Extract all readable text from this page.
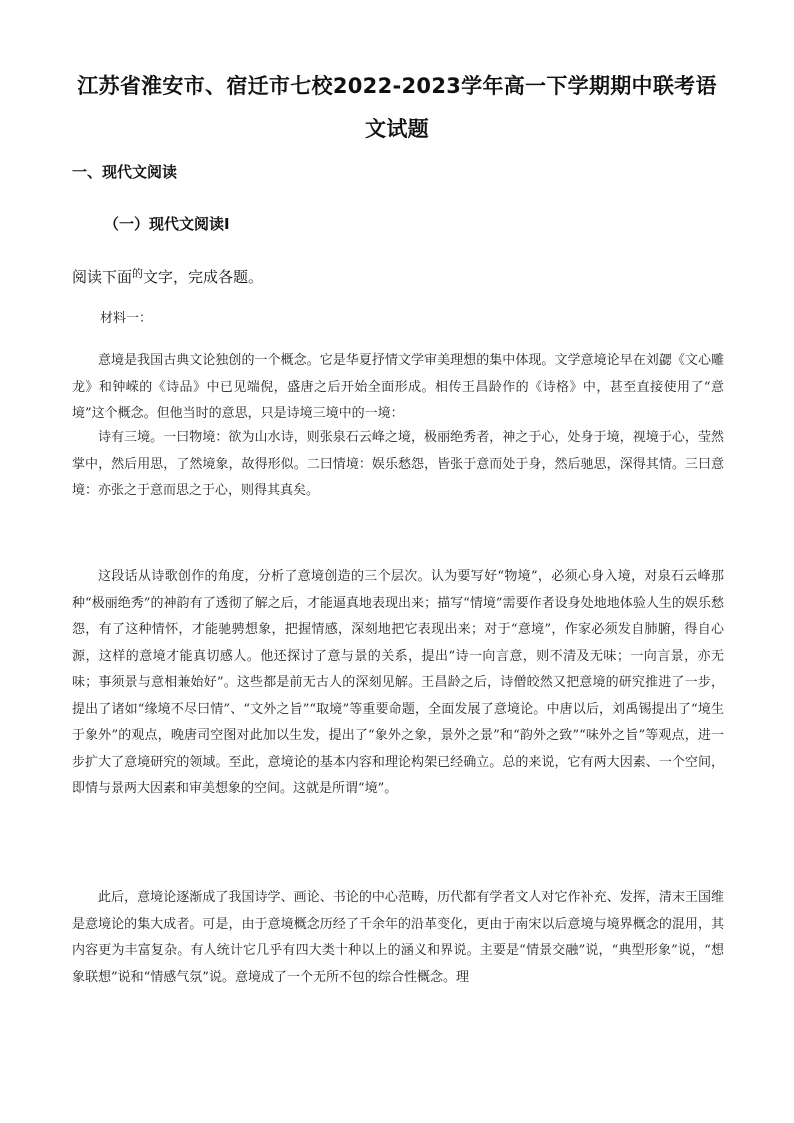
江苏省淮安市、宿迁市七校2022-2023学年高一下学期期中联考语
文试题
一、现代文阅读
（一）现代文阅读Ⅰ
阅读下面$^的$文字，完成各题。
材料一：

意境是我国古典文论独创的一个概念。它是华夏抒情文学审美理想的集中体现。文学意境论早在刘勰《文心雕龙》和钟嵘的《诗品》中已见端倪，盛唐之后开始全面形成。相传王昌龄作的《诗格》中，甚至直接使用了“意境”这个概念。但他当时的意思，只是诗境三境中的一境：

诗有三境。一曰物境：欲为山水诗，则张泉石云峰之境，极丽绝秀者，神之于心，处身于境，视境于心，莹然掌中，然后用思，了然境象，故得形似。二曰情境：娱乐愁怨，皆张于意而处于身，然后驰思，深得其情。三曰意境：亦张之于意而思之于心，则得其真矣。

这段话从诗歌创作的角度，分析了意境创造的三个层次。认为要写好“物境”，必须心身入境，对泉石云峰那种“极丽绝秀”的神韵有了透彻了解之后，才能逼真地表现出来；描写“情境”需要作者设身处地地体验人生的娱乐愁怨，有了这种情怀，才能驰骋想象，把握情感，深刻地把它表现出来；对于“意境”，作家必须发自肺腑，得自心源，这样的意境才能真切感人。他还探讨了意与景的关系，提出“诗一向言意，则不清及无味；一向言景，亦无味；事须景与意相兼始好”。这些都是前无古人的深刻见解。王昌龄之后，诗僧皎然又把意境的研究推进了一步，提出了诸如“缘境不尽曰情”、“文外之旨”“取境”等重要命题，全面发展了意境论。中唐以后，刘禹锡提出了“境生于象外”的观点，晚唐司空图对此加以生发，提出了“象外之象，景外之景”和“韵外之致”“味外之旨”等观点，进一步扩大了意境研究的领域。至此，意境论的基本内容和理论构架已经确立。总的来说，它有两大因素、一个空间，即情与景两大因素和审美想象的空间。这就是所谓“境”。

此后，意境论逐渐成了我国诗学、画论、书论的中心范畴，历代都有学者文人对它作补充、发挥，清末王国维是意境论的集大成者。可是，由于意境概念历经了千余年的沿革变化，更由于南宋以后意境与境界概念的混用，其内容更为丰富复杂。有人统计它几乎有四大类十种以上的涵义和界说。主要是“情景交融”说，“典型形象”说，“想象联想”说和“情感气氛”说。意境成了一个无所不包的综合性概念。理
